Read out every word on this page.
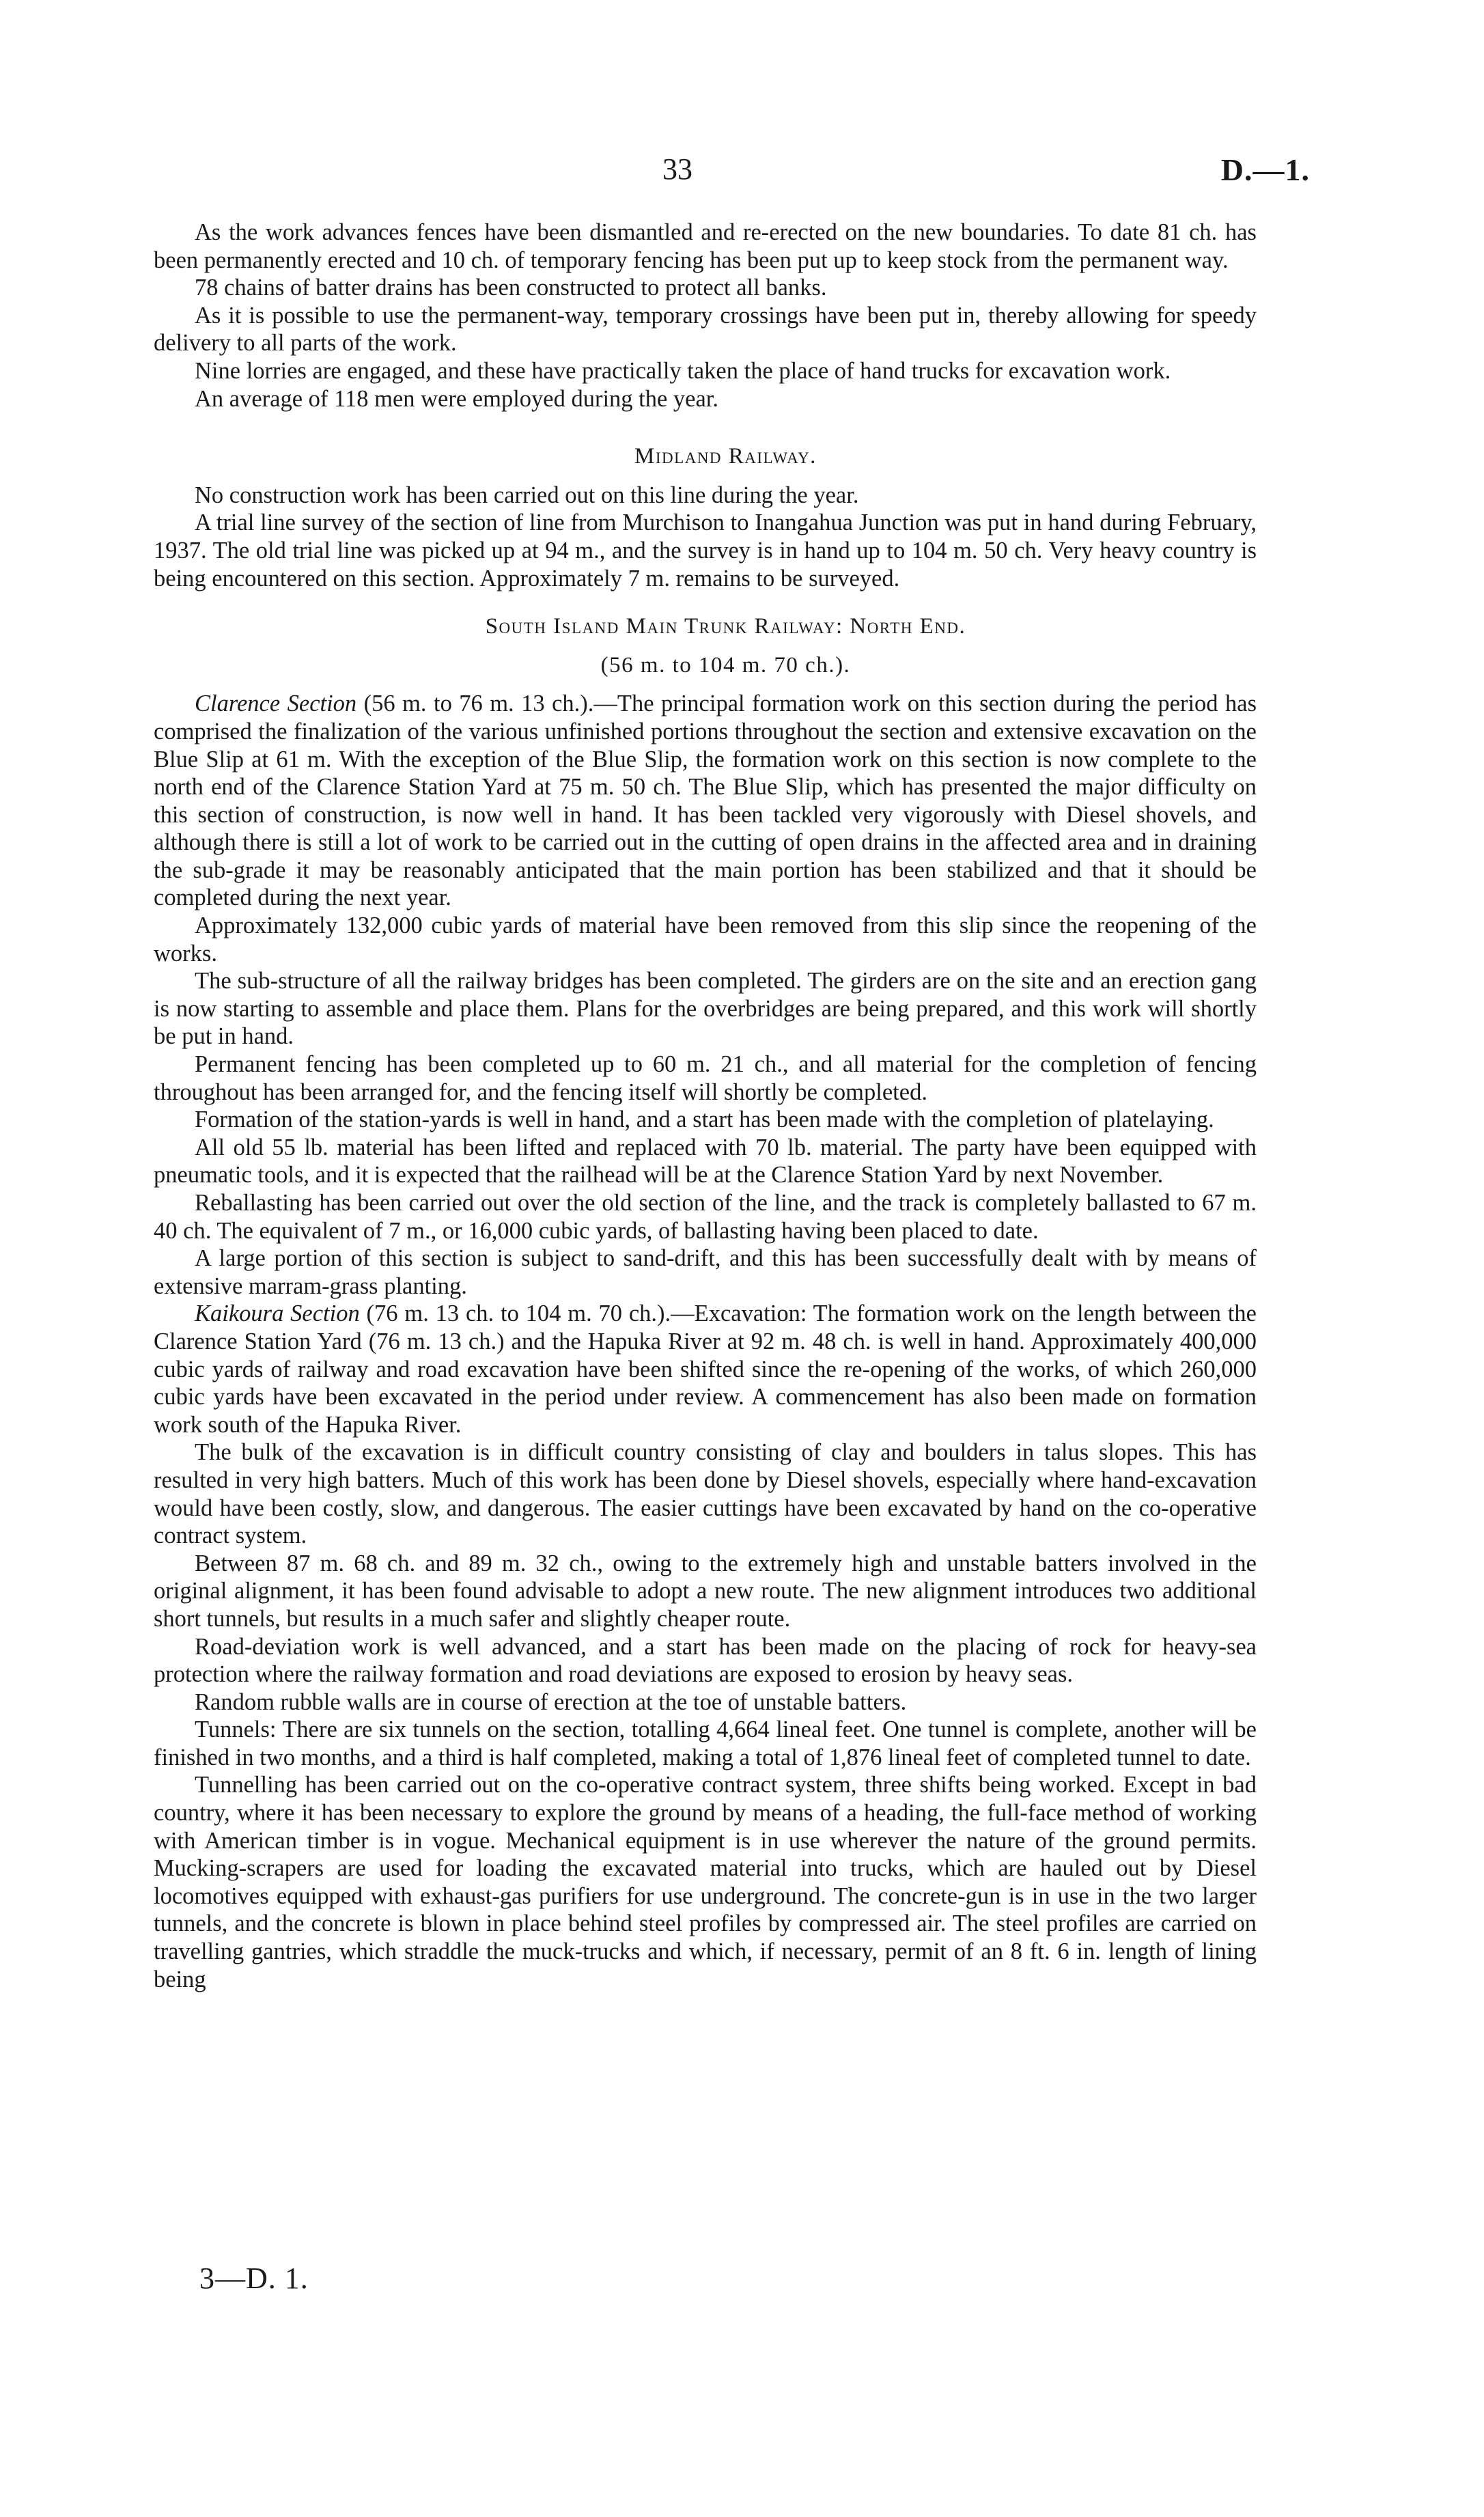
33	D.—1.

As the work advances fences have been dismantled and re-erected on the new boundaries. To date 81 ch. has been permanently erected and 10 ch. of temporary fencing has been put up to keep stock from the permanent way.

78 chains of batter drains has been constructed to protect all banks.

As it is possible to use the permanent-way, temporary crossings have been put in, thereby allowing for speedy delivery to all parts of the work.

Nine lorries are engaged, and these have practically taken the place of hand trucks for excavation work.

An average of 118 men were employed during the year.

Midland Railway.

No construction work has been carried out on this line during the year.

A trial line survey of the section of line from Murchison to Inangahua Junction was put in hand during February, 1937. The old trial line was picked up at 94 m., and the survey is in hand up to 104 m. 50 ch. Very heavy country is being encountered on this section. Approximately 7 m. remains to be surveyed.

South Island Main Trunk Railway: North End.

(56 m. to 104 m. 70 ch.).

Clarence Section (56 m. to 76 m. 13 ch.).—The principal formation work on this section during the period has comprised the finalization of the various unfinished portions throughout the section and extensive excavation on the Blue Slip at 61 m. With the exception of the Blue Slip, the formation work on this section is now complete to the north end of the Clarence Station Yard at 75 m. 50 ch. The Blue Slip, which has presented the major difficulty on this section of construction, is now well in hand. It has been tackled very vigorously with Diesel shovels, and although there is still a lot of work to be carried out in the cutting of open drains in the affected area and in draining the sub-grade it may be reasonably anticipated that the main portion has been stabilized and that it should be completed during the next year.

Approximately 132,000 cubic yards of material have been removed from this slip since the reopening of the works.

The sub-structure of all the railway bridges has been completed. The girders are on the site and an erection gang is now starting to assemble and place them. Plans for the overbridges are being prepared, and this work will shortly be put in hand.

Permanent fencing has been completed up to 60 m. 21 ch., and all material for the completion of fencing throughout has been arranged for, and the fencing itself will shortly be completed.

Formation of the station-yards is well in hand, and a start has been made with the completion of platelaying.

All old 55 lb. material has been lifted and replaced with 70 lb. material. The party have been equipped with pneumatic tools, and it is expected that the railhead will be at the Clarence Station Yard by next November.

Reballasting has been carried out over the old section of the line, and the track is completely ballasted to 67 m. 40 ch. The equivalent of 7 m., or 16,000 cubic yards, of ballasting having been placed to date.

A large portion of this section is subject to sand-drift, and this has been successfully dealt with by means of extensive marram-grass planting.

Kaikoura Section (76 m. 13 ch. to 104 m. 70 ch.).—Excavation: The formation work on the length between the Clarence Station Yard (76 m. 13 ch.) and the Hapuka River at 92 m. 48 ch. is well in hand. Approximately 400,000 cubic yards of railway and road excavation have been shifted since the re-opening of the works, of which 260,000 cubic yards have been excavated in the period under review. A commencement has also been made on formation work south of the Hapuka River.

The bulk of the excavation is in difficult country consisting of clay and boulders in talus slopes. This has resulted in very high batters. Much of this work has been done by Diesel shovels, especially where hand-excavation would have been costly, slow, and dangerous. The easier cuttings have been excavated by hand on the co-operative contract system.

Between 87 m. 68 ch. and 89 m. 32 ch., owing to the extremely high and unstable batters involved in the original alignment, it has been found advisable to adopt a new route. The new alignment introduces two additional short tunnels, but results in a much safer and slightly cheaper route.

Road-deviation work is well advanced, and a start has been made on the placing of rock for heavy-sea protection where the railway formation and road deviations are exposed to erosion by heavy seas.

Random rubble walls are in course of erection at the toe of unstable batters.

Tunnels: There are six tunnels on the section, totalling 4,664 lineal feet. One tunnel is complete, another will be finished in two months, and a third is half completed, making a total of 1,876 lineal feet of completed tunnel to date.

Tunnelling has been carried out on the co-operative contract system, three shifts being worked. Except in bad country, where it has been necessary to explore the ground by means of a heading, the full-face method of working with American timber is in vogue. Mechanical equipment is in use wherever the nature of the ground permits. Mucking-scrapers are used for loading the excavated material into trucks, which are hauled out by Diesel locomotives equipped with exhaust-gas purifiers for use underground. The concrete-gun is in use in the two larger tunnels, and the concrete is blown in place behind steel profiles by compressed air. The steel profiles are carried on travelling gantries, which straddle the muck-trucks and which, if necessary, permit of an 8 ft. 6 in. length of lining being

3—D. 1.
